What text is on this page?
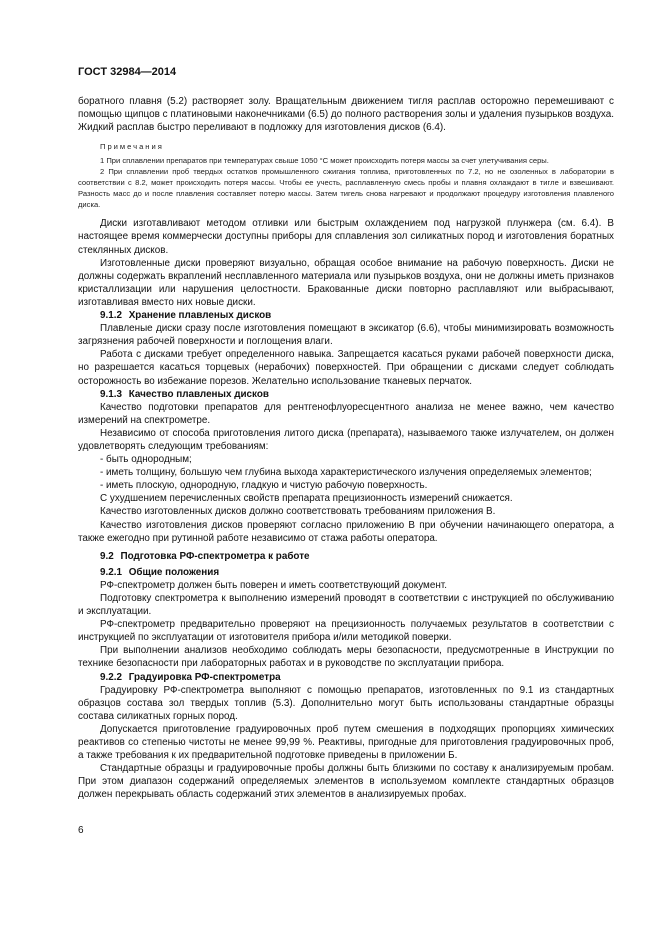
ГОСТ 32984—2014

боратного плавня (5.2) растворяет золу. Вращательным движением тигля расплав осторожно перемешивают с помощью щипцов с платиновыми наконечниками (6.5) до полного растворения золы и удаления пузырьков воздуха. Жидкий расплав быстро переливают в подложку для изготовления дисков (6.4).

Примечания

1 При сплавлении препаратов при температурах свыше 1050 °С может происходить потеря массы за счет улетучивания серы.

2 При сплавлении проб твердых остатков промышленного сжигания топлива, приготовленных по 7.2, но не озоленных в лаборатории в соответствии с 8.2, может происходить потеря массы. Чтобы ее учесть, расплавленную смесь пробы и плавня охлаждают в тигле и взвешивают. Разность масс до и после плавления составляет потерю массы. Затем тигель снова нагревают и продолжают процедуру изготовления плавленого диска.

Диски изготавливают методом отливки или быстрым охлаждением под нагрузкой плунжера (см. 6.4). В настоящее время коммерчески доступны приборы для сплавления зол силикатных пород и изготовления боратных стеклянных дисков.

Изготовленные диски проверяют визуально, обращая особое внимание на рабочую поверхность. Диски не должны содержать вкраплений несплавленного материала или пузырьков воздуха, они не должны иметь признаков кристаллизации или нарушения целостности. Бракованные диски повторно расплавляют или выбрасывают, изготавливая вместо них новые диски.

9.1.2 Хранение плавленых дисков

Плавленые диски сразу после изготовления помещают в эксикатор (6.6), чтобы минимизировать возможность загрязнения рабочей поверхности и поглощения влаги.

Работа с дисками требует определенного навыка. Запрещается касаться руками рабочей поверхности диска, но разрешается касаться торцевых (нерабочих) поверхностей. При обращении с дисками следует соблюдать осторожность во избежание порезов. Желательно использование тканевых перчаток.

9.1.3 Качество плавленых дисков

Качество подготовки препаратов для рентгенофлуоресцентного анализа не менее важно, чем качество измерений на спектрометре.

Независимо от способа приготовления литого диска (препарата), называемого также излучателем, он должен удовлетворять следующим требованиям:

- быть однородным;

- иметь толщину, большую чем глубина выхода характеристического излучения определяемых элементов;

- иметь плоскую, однородную, гладкую и чистую рабочую поверхность.

С ухудшением перечисленных свойств препарата прецизионность измерений снижается.

Качество изготовленных дисков должно соответствовать требованиям приложения В.

Качество изготовления дисков проверяют согласно приложению В при обучении начинающего оператора, а также ежегодно при рутинной работе независимо от стажа работы оператора.

9.2 Подготовка РФ-спектрометра к работе

9.2.1 Общие положения

РФ-спектрометр должен быть поверен и иметь соответствующий документ.

Подготовку спектрометра к выполнению измерений проводят в соответствии с инструкцией по обслуживанию и эксплуатации.

РФ-спектрометр предварительно проверяют на прецизионность получаемых результатов в соответствии с инструкцией по эксплуатации от изготовителя прибора и/или методикой поверки.

При выполнении анализов необходимо соблюдать меры безопасности, предусмотренные в Инструкции по технике безопасности при лабораторных работах и в руководстве по эксплуатации прибора.

9.2.2 Градуировка РФ-спектрометра

Градуировку РФ-спектрометра выполняют с помощью препаратов, изготовленных по 9.1 из стандартных образцов состава зол твердых топлив (5.3). Дополнительно могут быть использованы стандартные образцы состава силикатных горных пород.

Допускается приготовление градуировочных проб путем смешения в подходящих пропорциях химических реактивов со степенью чистоты не менее 99,99 %. Реактивы, пригодные для приготовления градуировочных проб, а также требования к их предварительной подготовке приведены в приложении Б.

Стандартные образцы и градуировочные пробы должны быть близкими по составу к анализируемым пробам. При этом диапазон содержаний определяемых элементов в используемом комплекте стандартных образцов должен перекрывать область содержаний этих элементов в анализируемых пробах.

6
